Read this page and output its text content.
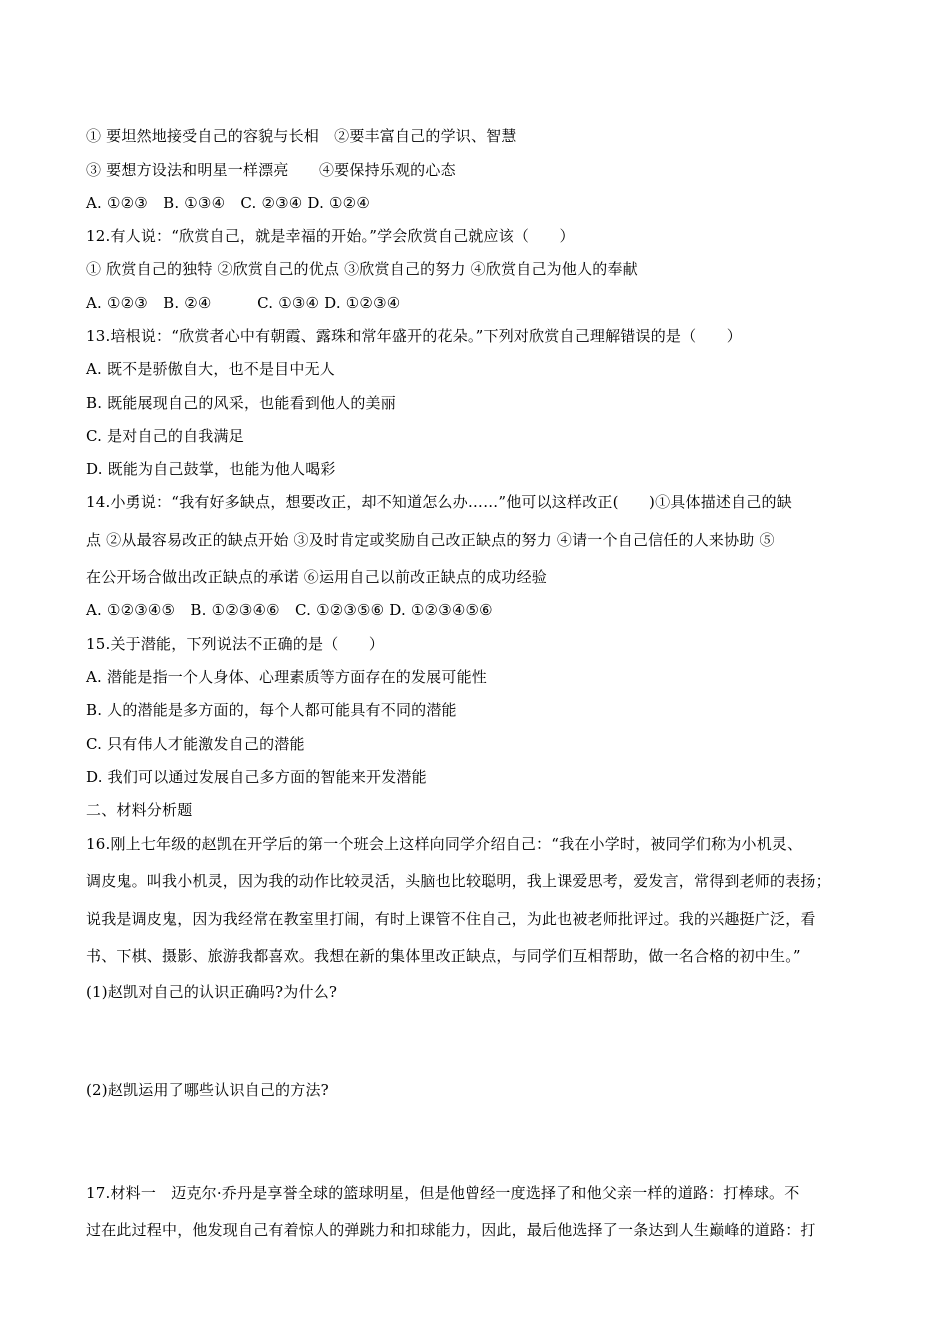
① 要坦然地接受自己的容貌与长相　②要丰富自己的学识、智慧
③ 要想方设法和明星一样漂亮　　④要保持乐观的心态
A. ①②③　B. ①③④　C. ②③④ D. ①②④
12.有人说：“欣赏自己，就是幸福的开始。”学会欣赏自己就应该（　　）
① 欣赏自己的独特 ②欣赏自己的优点 ③欣赏自己的努力 ④欣赏自己为他人的奉献
A. ①②③　B. ②④　　　C. ①③④ D. ①②③④
13.培根说：“欣赏者心中有朝霞、露珠和常年盛开的花朵。”下列对欣赏自己理解错误的是（　　）
A. 既不是骄傲自大，也不是目中无人
B. 既能展现自己的风采，也能看到他人的美丽
C. 是对自己的自我满足
D. 既能为自己鼓掌，也能为他人喝彩
14.小勇说：“我有好多缺点，想要改正，却不知道怎么办……”他可以这样改正(　　)①具体描述自己的缺
点 ②从最容易改正的缺点开始 ③及时肯定或奖励自己改正缺点的努力 ④请一个自己信任的人来协助 ⑤
在公开场合做出改正缺点的承诺 ⑥运用自己以前改正缺点的成功经验
A. ①②③④⑤　B. ①②③④⑥　C. ①②③⑤⑥ D. ①②③④⑤⑥
15.关于潜能，下列说法不正确的是（　　）
A. 潜能是指一个人身体、心理素质等方面存在的发展可能性
B. 人的潜能是多方面的，每个人都可能具有不同的潜能
C. 只有伟人才能激发自己的潜能
D. 我们可以通过发展自己多方面的智能来开发潜能
二、材料分析题
16.刚上七年级的赵凯在开学后的第一个班会上这样向同学介绍自己：“我在小学时，被同学们称为小机灵、
调皮鬼。叫我小机灵，因为我的动作比较灵活，头脑也比较聪明，我上课爱思考，爱发言，常得到老师的表扬；
说我是调皮鬼，因为我经常在教室里打闹，有时上课管不住自己，为此也被老师批评过。我的兴趣挺广泛，看
书、下棋、摄影、旅游我都喜欢。我想在新的集体里改正缺点，与同学们互相帮助，做一名合格的初中生。”
(1)赵凯对自己的认识正确吗?为什么?
(2)赵凯运用了哪些认识自己的方法?
17.材料一　迈克尔·乔丹是享誉全球的篮球明星，但是他曾经一度选择了和他父亲一样的道路：打棒球。不
过在此过程中，他发现自己有着惊人的弹跳力和扣球能力，因此，最后他选择了一条达到人生巅峰的道路：打
